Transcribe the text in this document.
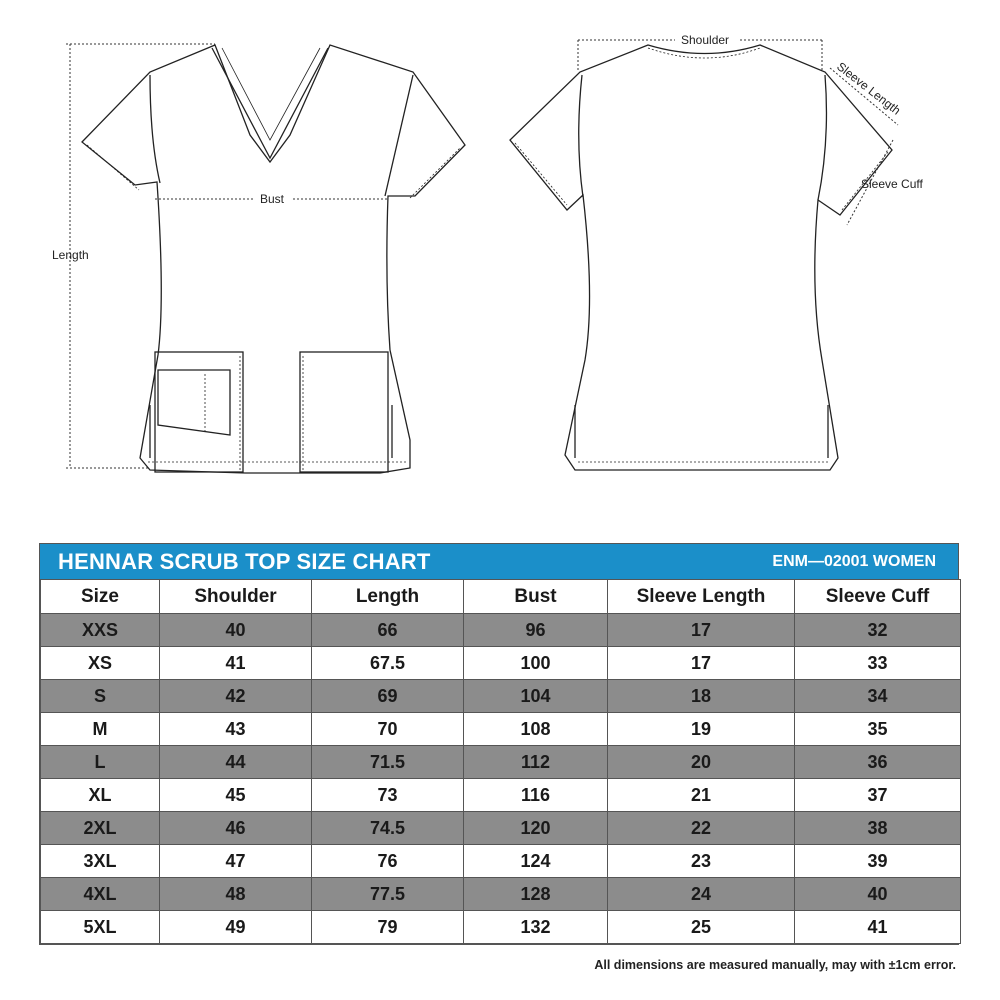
Length
Bust
Shoulder
Sleeve Length
Sleeve Cuff
HENNAR SCRUB TOP SIZE CHART	ENM—02001 WOMEN
Size	Shoulder	Length	Bust	Sleeve Length	Sleeve Cuff
XXS	40	66	96	17	32
XS	41	67.5	100	17	33
S	42	69	104	18	34
M	43	70	108	19	35
L	44	71.5	112	20	36
XL	45	73	116	21	37
2XL	46	74.5	120	22	38
3XL	47	76	124	23	39
4XL	48	77.5	128	24	40
5XL	49	79	132	25	41
All dimensions are measured manually, may with ±1cm error.
